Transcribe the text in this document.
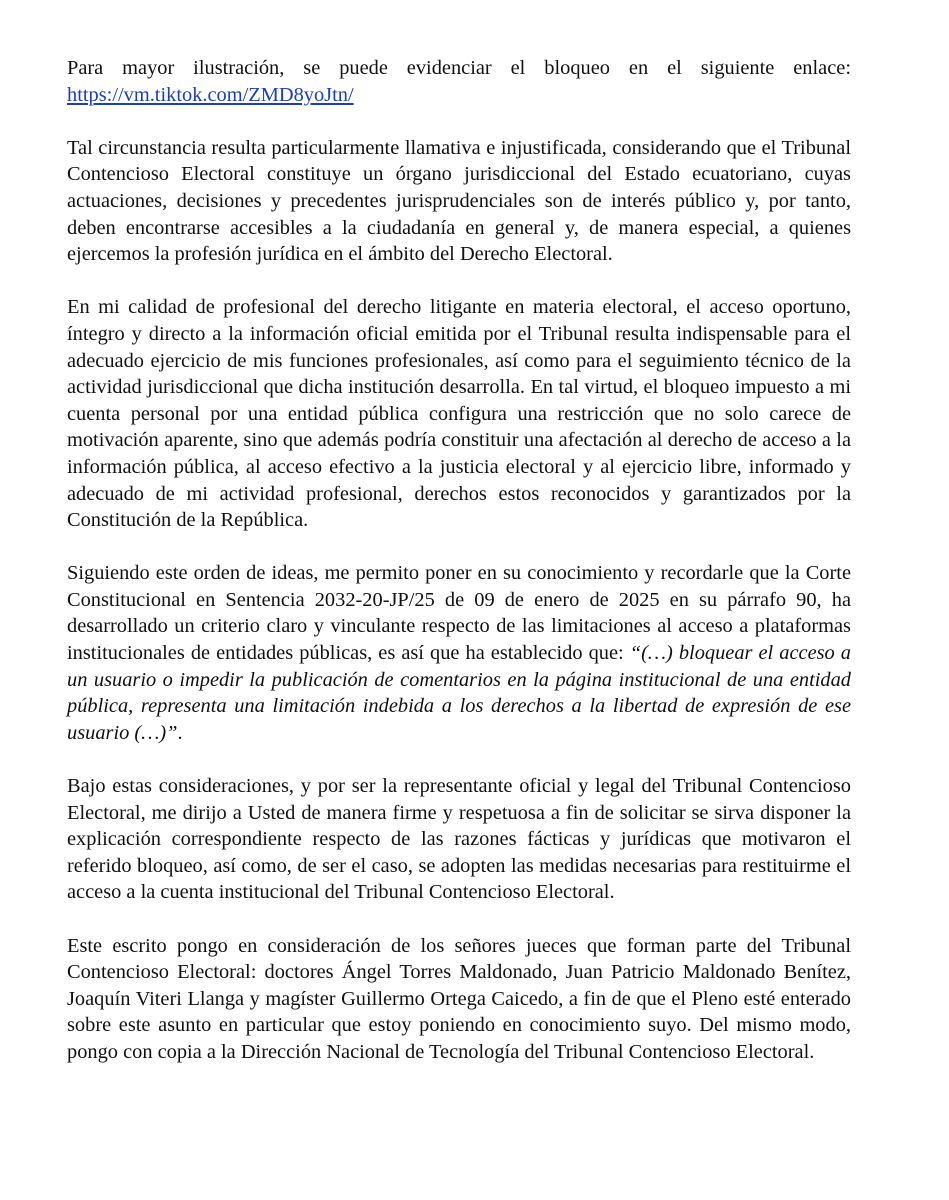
Para mayor ilustración, se puede evidenciar el bloqueo en el siguiente enlace: https://vm.tiktok.com/ZMD8yoJtn/

Tal circunstancia resulta particularmente llamativa e injustificada, considerando que el Tribunal Contencioso Electoral constituye un órgano jurisdiccional del Estado ecuatoriano, cuyas actuaciones, decisiones y precedentes jurisprudenciales son de interés público y, por tanto, deben encontrarse accesibles a la ciudadanía en general y, de manera especial, a quienes ejercemos la profesión jurídica en el ámbito del Derecho Electoral.

En mi calidad de profesional del derecho litigante en materia electoral, el acceso oportuno, íntegro y directo a la información oficial emitida por el Tribunal resulta indispensable para el adecuado ejercicio de mis funciones profesionales, así como para el seguimiento técnico de la actividad jurisdiccional que dicha institución desarrolla. En tal virtud, el bloqueo impuesto a mi cuenta personal por una entidad pública configura una restricción que no solo carece de motivación aparente, sino que además podría constituir una afectación al derecho de acceso a la información pública, al acceso efectivo a la justicia electoral y al ejercicio libre, informado y adecuado de mi actividad profesional, derechos estos reconocidos y garantizados por la Constitución de la República.

Siguiendo este orden de ideas, me permito poner en su conocimiento y recordarle que la Corte Constitucional en Sentencia 2032-20-JP/25 de 09 de enero de 2025 en su párrafo 90, ha desarrollado un criterio claro y vinculante respecto de las limitaciones al acceso a plataformas institucionales de entidades públicas, es así que ha establecido que: “(…) bloquear el acceso a un usuario o impedir la publicación de comentarios en la página institucional de una entidad pública, representa una limitación indebida a los derechos a la libertad de expresión de ese usuario (…)”.

Bajo estas consideraciones, y por ser la representante oficial y legal del Tribunal Contencioso Electoral, me dirijo a Usted de manera firme y respetuosa a fin de solicitar se sirva disponer la explicación correspondiente respecto de las razones fácticas y jurídicas que motivaron el referido bloqueo, así como, de ser el caso, se adopten las medidas necesarias para restituirme el acceso a la cuenta institucional del Tribunal Contencioso Electoral.

Este escrito pongo en consideración de los señores jueces que forman parte del Tribunal Contencioso Electoral: doctores Ángel Torres Maldonado, Juan Patricio Maldonado Benítez, Joaquín Viteri Llanga y magíster Guillermo Ortega Caicedo, a fin de que el Pleno esté enterado sobre este asunto en particular que estoy poniendo en conocimiento suyo. Del mismo modo, pongo con copia a la Dirección Nacional de Tecnología del Tribunal Contencioso Electoral.
